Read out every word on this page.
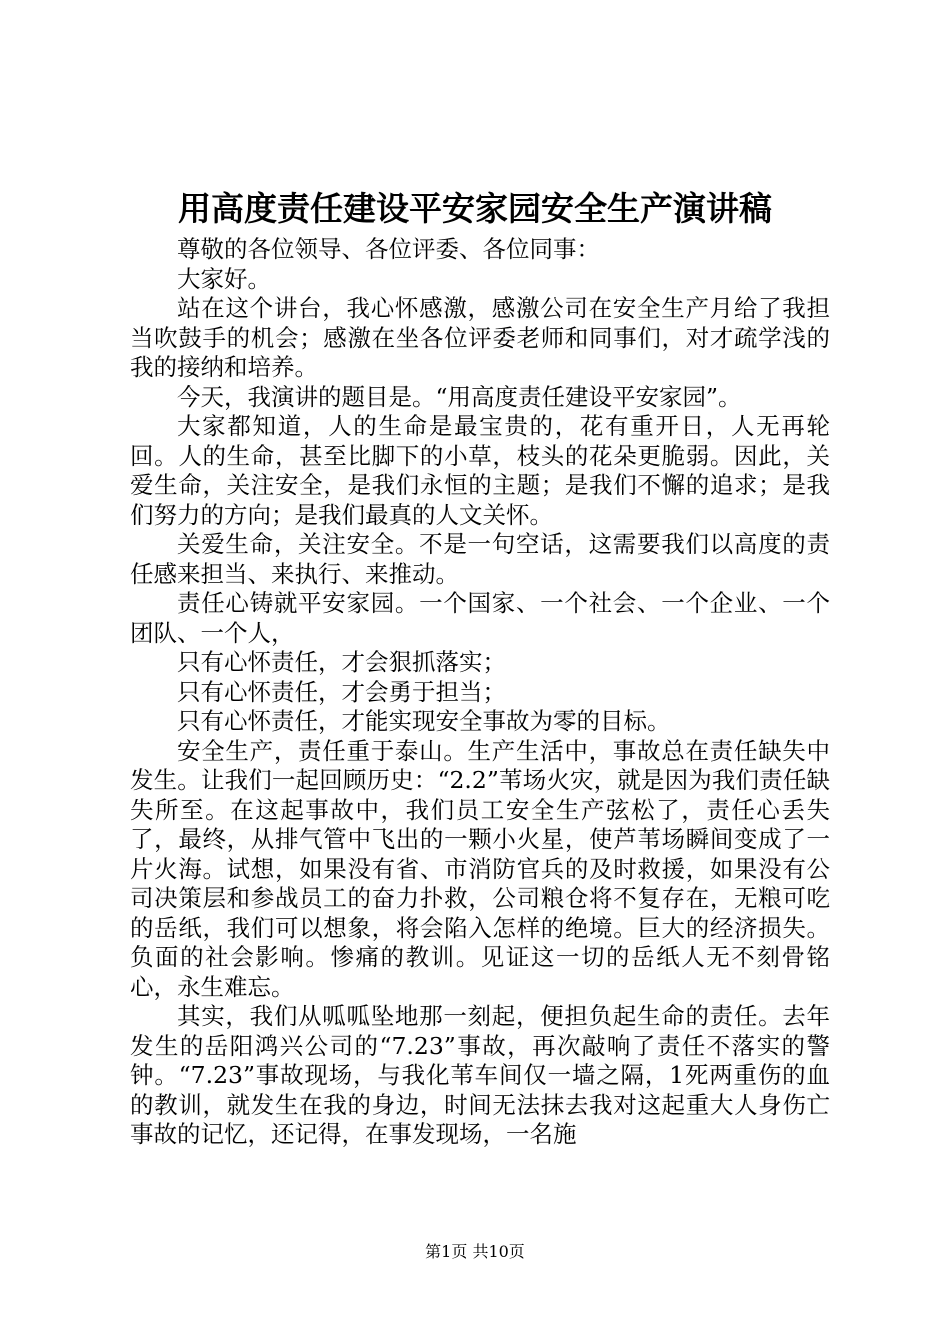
用高度责任建设平安家园安全生产演讲稿

尊敬的各位领导、各位评委、各位同事：

大家好。

站在这个讲台，我心怀感激，感激公司在安全生产月给了我担当吹鼓手的机会；感激在坐各位评委老师和同事们，对才疏学浅的我的接纳和培养。

今天，我演讲的题目是。“用高度责任建设平安家园”。

大家都知道，人的生命是最宝贵的，花有重开日，人无再轮回。人的生命，甚至比脚下的小草，枝头的花朵更脆弱。因此，关爱生命，关注安全，是我们永恒的主题；是我们不懈的追求；是我们努力的方向；是我们最真的人文关怀。

关爱生命，关注安全。不是一句空话，这需要我们以高度的责任感来担当、来执行、来推动。

责任心铸就平安家园。一个国家、一个社会、一个企业、一个团队、一个人，

只有心怀责任，才会狠抓落实；

只有心怀责任，才会勇于担当；

只有心怀责任，才能实现安全事故为零的目标。

安全生产，责任重于泰山。生产生活中，事故总在责任缺失中发生。让我们一起回顾历史：“2.2”苇场火灾，就是因为我们责任缺失所至。在这起事故中，我们员工安全生产弦松了，责任心丢失了，最终，从排气管中飞出的一颗小火星，使芦苇场瞬间变成了一片火海。试想，如果没有省、市消防官兵的及时救援，如果没有公司决策层和参战员工的奋力扑救，公司粮仓将不复存在，无粮可吃的岳纸，我们可以想象，将会陷入怎样的绝境。巨大的经济损失。负面的社会影响。惨痛的教训。见证这一切的岳纸人无不刻骨铭心，永生难忘。

其实，我们从呱呱坠地那一刻起，便担负起生命的责任。去年发生的岳阳鸿兴公司的“7.23”事故，再次敲响了责任不落实的警钟。“7.23”事故现场，与我化苇车间仅一墙之隔，1死两重伤的血的教训，就发生在我的身边，时间无法抹去我对这起重大人身伤亡事故的记忆，还记得，在事发现场，一名施

第1页 共10页
